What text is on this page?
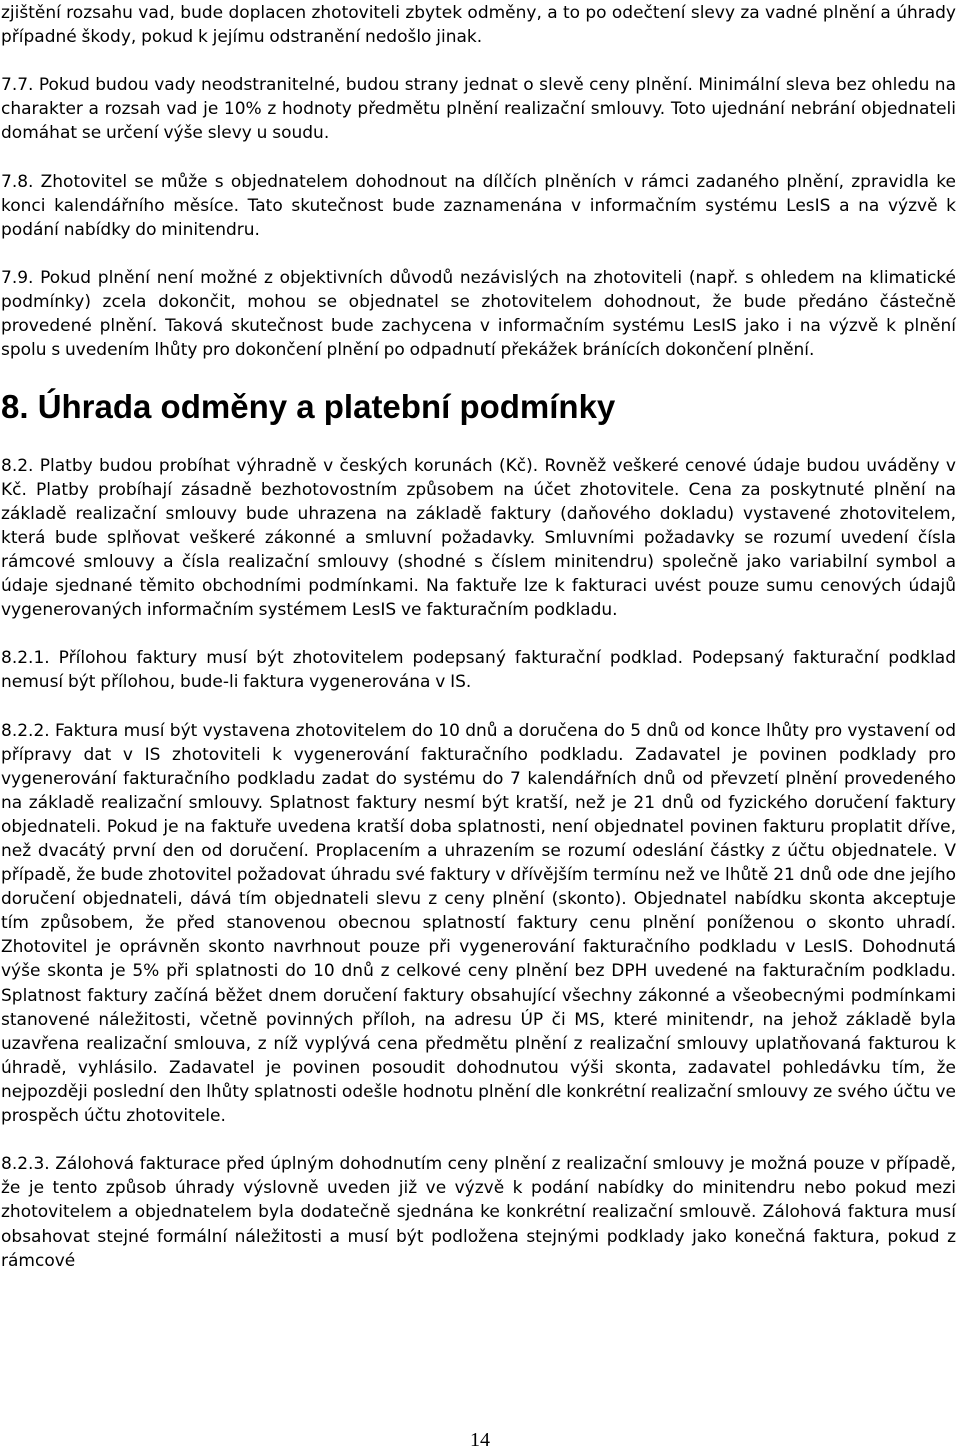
zjištění rozsahu vad, bude doplacen zhotoviteli zbytek odměny, a to po odečtení slevy za vadné plnění a úhrady případné škody, pokud k jejímu odstranění nedošlo jinak.

7.7. Pokud budou vady neodstranitelné, budou strany jednat o slevě ceny plnění. Minimální sleva bez ohledu na charakter a rozsah vad je 10% z hodnoty předmětu plnění realizační smlouvy. Toto ujednání nebrání objednateli domáhat se určení výše slevy u soudu.

7.8. Zhotovitel se může s objednatelem dohodnout na dílčích plněních v rámci zadaného plnění, zpravidla ke konci kalendářního měsíce. Tato skutečnost bude zaznamenána v informačním systému LesIS a na výzvě k podání nabídky do minitendru.

7.9. Pokud plnění není možné z objektivních důvodů nezávislých na zhotoviteli (např. s ohledem na klimatické podmínky) zcela dokončit, mohou se objednatel se zhotovitelem dohodnout, že bude předáno částečně provedené plnění. Taková skutečnost bude zachycena v informačním systému LesIS jako i na výzvě k plnění spolu s uvedením lhůty pro dokončení plnění po odpadnutí překážek bránících dokončení plnění.

8. Úhrada odměny a platební podmínky

8.2. Platby budou probíhat výhradně v českých korunách (Kč). Rovněž veškeré cenové údaje budou uváděny v Kč. Platby probíhají zásadně bezhotovostním způsobem na účet zhotovitele. Cena za poskytnuté plnění na základě realizační smlouvy bude uhrazena na základě faktury (daňového dokladu) vystavené zhotovitelem, která bude splňovat veškeré zákonné a smluvní požadavky. Smluvními požadavky se rozumí uvedení čísla rámcové smlouvy a čísla realizační smlouvy (shodné s číslem minitendru) společně jako variabilní symbol a údaje sjednané těmito obchodními podmínkami. Na faktuře lze k fakturaci uvést pouze sumu cenových údajů vygenerovaných informačním systémem LesIS ve fakturačním podkladu.

8.2.1. Přílohou faktury musí být zhotovitelem podepsaný fakturační podklad. Podepsaný fakturační podklad nemusí být přílohou, bude-li faktura vygenerována v IS.

8.2.2. Faktura musí být vystavena zhotovitelem do 10 dnů a doručena do 5 dnů od konce lhůty pro vystavení od přípravy dat v IS zhotoviteli k vygenerování fakturačního podkladu. Zadavatel je povinen podklady pro vygenerování fakturačního podkladu zadat do systému do 7 kalendářních dnů od převzetí plnění provedeného na základě realizační smlouvy. Splatnost faktury nesmí být kratší, než je 21 dnů od fyzického doručení faktury objednateli. Pokud je na faktuře uvedena kratší doba splatnosti, není objednatel povinen fakturu proplatit dříve, než dvacátý první den od doručení. Proplacením a uhrazením se rozumí odeslání částky z účtu objednatele. V případě, že bude zhotovitel požadovat úhradu své faktury v dřívějším termínu než ve lhůtě 21 dnů ode dne jejího doručení objednateli, dává tím objednateli slevu z ceny plnění (skonto). Objednatel nabídku skonta akceptuje tím způsobem, že před stanovenou obecnou splatností faktury cenu plnění poníženou o skonto uhradí. Zhotovitel je oprávněn skonto navrhnout pouze při vygenerování fakturačního podkladu v LesIS. Dohodnutá výše skonta je 5% při splatnosti do 10 dnů z celkové ceny plnění bez DPH uvedené na fakturačním podkladu. Splatnost faktury začíná běžet dnem doručení faktury obsahující všechny zákonné a všeobecnými podmínkami stanovené náležitosti, včetně povinných příloh, na adresu ÚP či MS, které minitendr, na jehož základě byla uzavřena realizační smlouva, z níž vyplývá cena předmětu plnění z realizační smlouvy uplatňovaná fakturou k úhradě, vyhlásilo. Zadavatel je povinen posoudit dohodnutou výši skonta, zadavatel pohledávku tím, že nejpozději poslední den lhůty splatnosti odešle hodnotu plnění dle konkrétní realizační smlouvy ze svého účtu ve prospěch účtu zhotovitele.

8.2.3. Zálohová fakturace před úplným dohodnutím ceny plnění z realizační smlouvy je možná pouze v případě, že je tento způsob úhrady výslovně uveden již ve výzvě k podání nabídky do minitendru nebo pokud mezi zhotovitelem a objednatelem byla dodatečně sjednána ke konkrétní realizační smlouvě. Zálohová faktura musí obsahovat stejné formální náležitosti a musí být podložena stejnými podklady jako konečná faktura, pokud z rámcové

14
